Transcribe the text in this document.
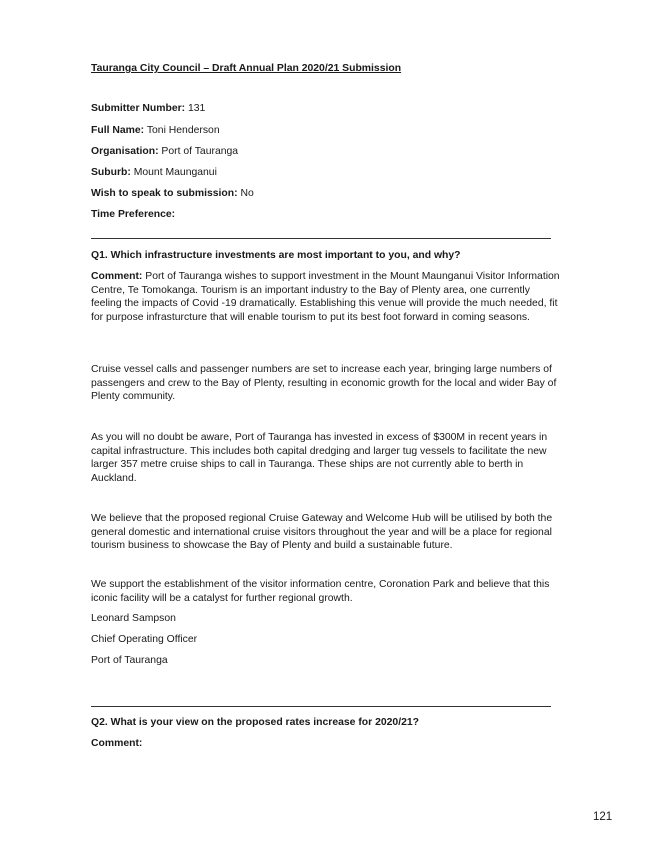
Tauranga City Council – Draft Annual Plan 2020/21 Submission
Submitter Number: 131
Full Name: Toni Henderson
Organisation: Port of Tauranga
Suburb: Mount Maunganui
Wish to speak to submission: No
Time Preference:
Q1. Which infrastructure investments are most important to you, and why?

Comment: Port of Tauranga wishes to support investment in the Mount Maunganui Visitor Information Centre, Te Tomokanga. Tourism is an important industry to the Bay of Plenty area, one currently feeling the impacts of Covid -19 dramatically. Establishing this venue will provide the much needed, fit for purpose infrasturcture that will enable tourism to put its best foot forward in coming seasons.

Cruise vessel calls and passenger numbers are set to increase each year, bringing large numbers of passengers and crew to the Bay of Plenty, resulting in economic growth for the local and wider Bay of Plenty community.

As you will no doubt be aware, Port of Tauranga has invested in excess of $300M in recent years in capital infrastructure. This includes both capital dredging and larger tug vessels to facilitate the new larger 357 metre cruise ships to call in Tauranga. These ships are not currently able to berth in Auckland.

We believe that the proposed regional Cruise Gateway and Welcome Hub will be utilised by both the general domestic and international cruise visitors throughout the year and will be a place for regional tourism business to showcase the Bay of Plenty and build a sustainable future.

We support the establishment of the visitor information centre, Coronation Park and believe that this iconic facility will be a catalyst for further regional growth.

Leonard Sampson
Chief Operating Officer
Port of Tauranga
Q2. What is your view on the proposed rates increase for 2020/21?
Comment:
121
